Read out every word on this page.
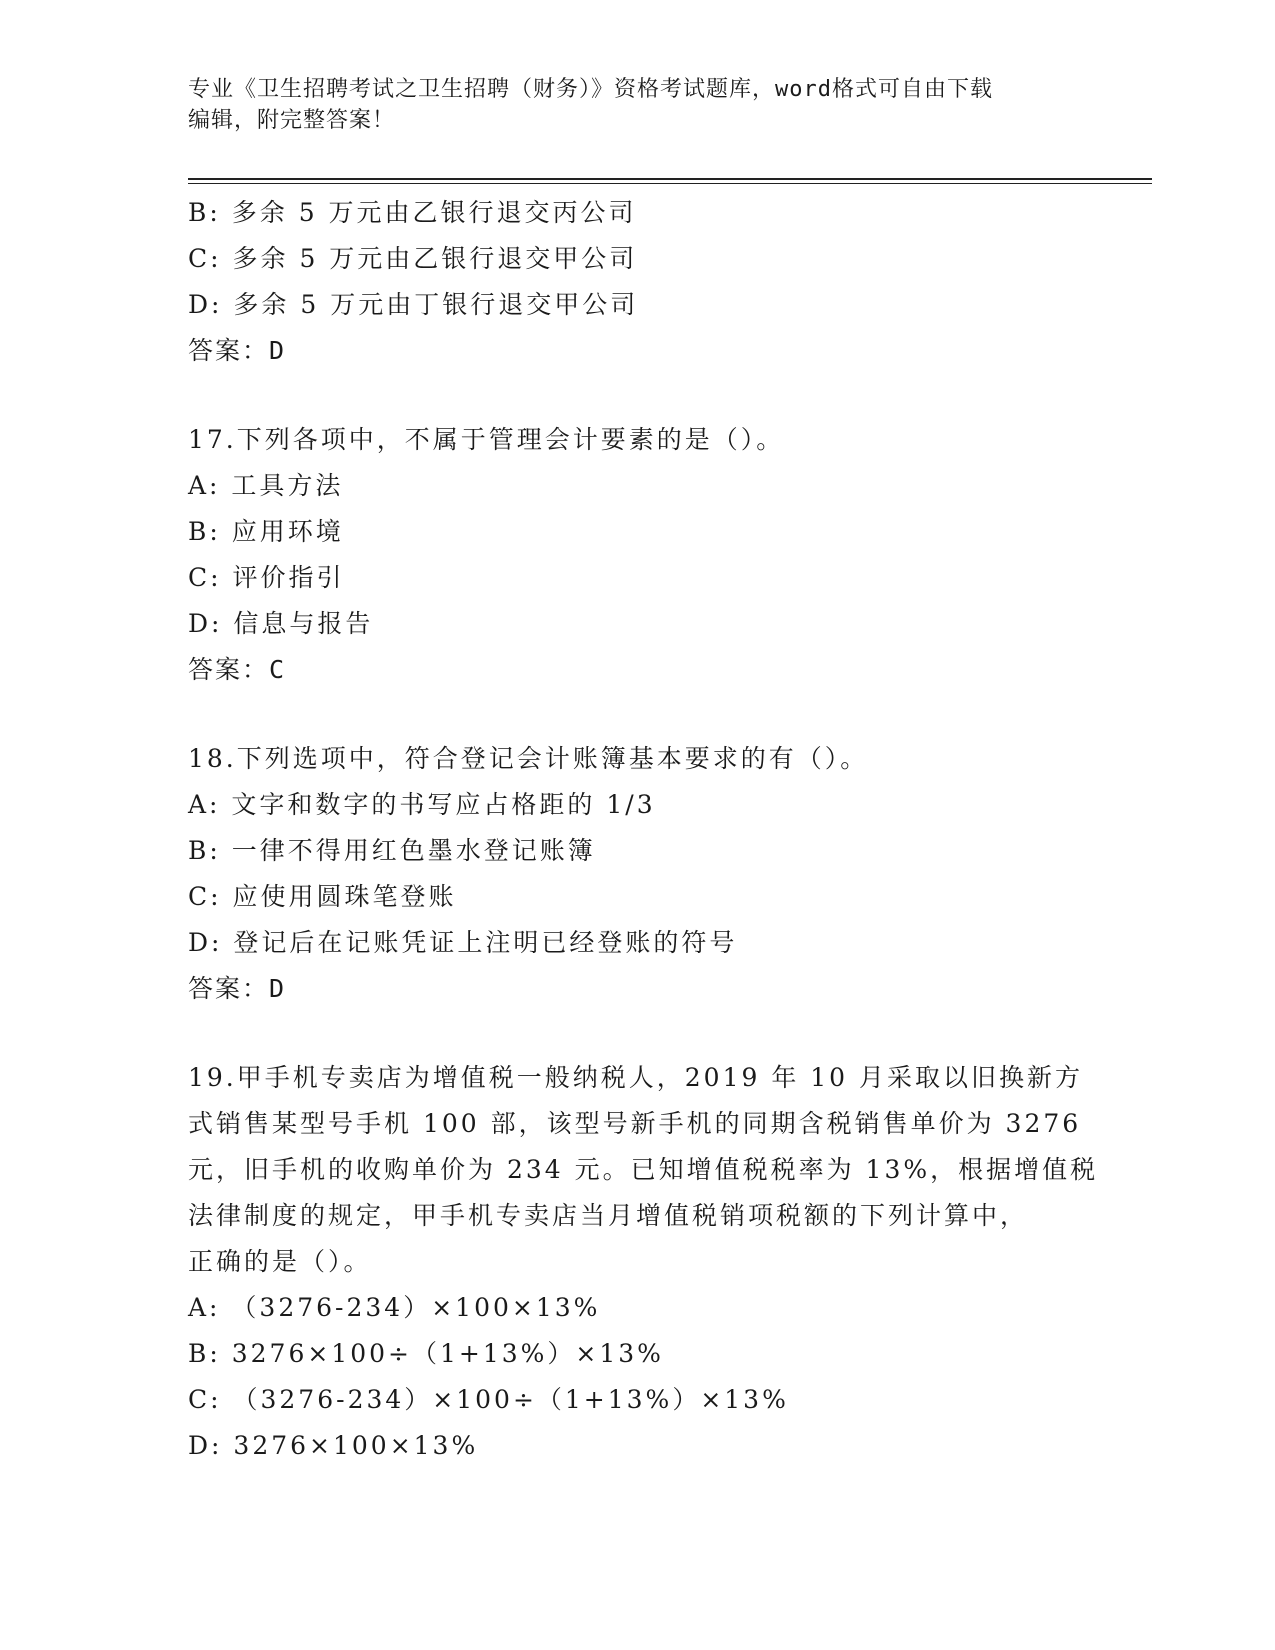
专业《卫生招聘考试之卫生招聘（财务）》资格考试题库，word格式可自由下载
编辑，附完整答案！
B: 多余 5 万元由乙银行退交丙公司
C: 多余 5 万元由乙银行退交甲公司
D: 多余 5 万元由丁银行退交甲公司
答案：D
17.下列各项中，不属于管理会计要素的是（）。
A: 工具方法
B: 应用环境
C: 评价指引
D: 信息与报告
答案：C
18.下列选项中，符合登记会计账簿基本要求的有（）。
A: 文字和数字的书写应占格距的 1/3
B: 一律不得用红色墨水登记账簿
C: 应使用圆珠笔登账
D: 登记后在记账凭证上注明已经登账的符号
答案：D
19.甲手机专卖店为增值税一般纳税人，2019 年 10 月采取以旧换新方
式销售某型号手机 100 部，该型号新手机的同期含税销售单价为 3276
元，旧手机的收购单价为 234 元。已知增值税税率为 13%，根据增值税
法律制度的规定，甲手机专卖店当月增值税销项税额的下列计算中，
正确的是（）。
A: （3276-234）×100×13%
B: 3276×100÷（1+13%）×13%
C: （3276-234）×100÷（1+13%）×13%
D: 3276×100×13%
